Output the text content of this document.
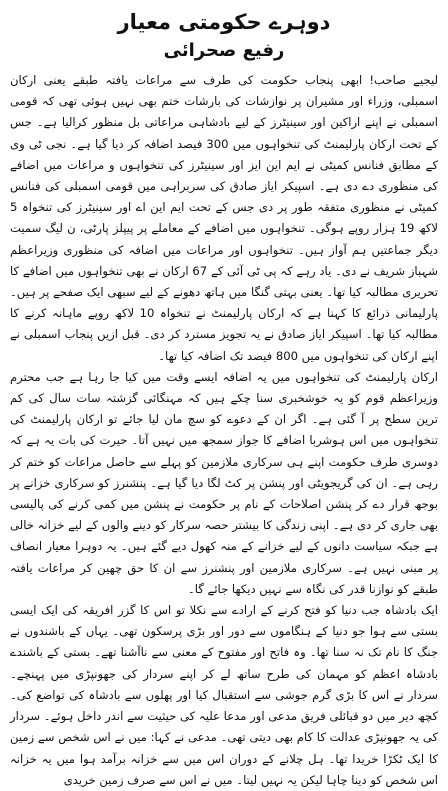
دوہرے حکومتی معیار
رفیع صحرائی

لیجیے صاحب! ابھی پنجاب حکومت کی طرف سے مراعات یافتہ طبقے یعنی ارکان اسمبلی، وزراء اور مشیران پر نوازشات کی بارشات ختم بھی نہیں ہوئی تھی کہ قومی اسمبلی نے اپنے اراکین اور سینیٹرز کے لیے بادشاہی مراعاتی بل منظور کرالیا ہے۔ جس کے تحت ارکان پارلیمنٹ کی تنخواہوں میں 300 فیصد اضافہ کر دیا گیا ہے۔ نجی ٹی وی کے مطابق فنانس کمیٹی نے ایم این ایز اور سینیٹرز کی تنخواہوں و مراعات میں اضافے کی منظوری دے دی ہے۔ اسپیکر ایاز صادق کی سربراہی میں قومی اسمبلی کی فنانس کمیٹی نے منظوری متفقہ طور پر دی جس کے تحت ایم این اے اور سینیٹرز کی تنخواہ 5 لاکھ 19 ہزار روپے ہوگی۔ تنخواہوں میں اضافے کے معاملے پر پیپلز پارٹی، ن لیگ سمیت دیگر جماعتیں ہم آواز ہیں۔ تنخواہوں اور مراعات میں اضافہ کی منظوری وزیراعظم شہباز شریف نے دی۔ یاد رہے کہ پی ٹی آئی کے 67 ارکان نے بھی تنخواہوں میں اضافے کا تحریری مطالبہ کیا تھا۔ یعنی بہتی گنگا میں ہاتھ دھونے کے لیے سبھی ایک صفحے پر ہیں۔ پارلیمانی ذرائع کا کہنا ہے کہ ارکان پارلیمنٹ نے تنخواہ 10 لاکھ روپے ماہانہ کرنے کا مطالبہ کیا تھا۔ اسپیکر ایاز صادق نے یہ تجویز مسترد کر دی۔ قبل ازیں پنجاب اسمبلی نے اپنے ارکان کی تنخواہوں میں 800 فیصد تک اضافہ کیا تھا۔

ارکان پارلیمنٹ کی تنخواہوں میں یہ اضافہ ایسے وقت میں کیا جا رہا ہے جب محترم وزیراعظم قوم کو یہ خوشخبری سنا چکے ہیں کہ مہنگائی گزشتہ سات سال کی کم ترین سطح پر آ گئی ہے۔ اگر ان کے دعوے کو سچ مان لیا جائے تو ارکان پارلیمنٹ کی تنخواہوں میں اس ہوشربا اضافے کا جواز سمجھ میں نہیں آتا۔ حیرت کی بات یہ ہے کہ دوسری طرف حکومت اپنے ہی سرکاری ملازمین کو پہلے سے حاصل مراعات کو ختم کر رہی ہے۔ ان کی گریجویٹی اور پنشن پر کٹ لگا دیا گیا ہے۔ پنشنرز کو سرکاری خزانے پر بوجھ قرار دے کر پنشن اصلاحات کے نام پر حکومت نے پنشن میں کمی کرنے کی پالیسی بھی جاری کر دی ہے۔ اپنی زندگی کا بیشتر حصہ سرکار کو دینے والوں کے لیے خزانہ خالی ہے جبکہ سیاست دانوں کے لیے خزانے کے منہ کھول دیے گئے ہیں۔ یہ دوہرا معیار انصاف پر مبنی نہیں ہے۔ سرکاری ملازمین اور پنشنرز سے ان کا حق چھین کر مراعات یافتہ طبقے کو نوازنا قدر کی نگاہ سے نہیں دیکھا جائے گا۔

ایک بادشاہ جب دنیا کو فتح کرنے کے ارادے سے نکلا تو اس کا گزر افریقہ کی ایک ایسی بستی سے ہوا جو دنیا کے ہنگاموں سے دور اور بڑی پرسکون تھی۔ یہاں کے باشندوں نے جنگ کا نام تک نہ سنا تھا۔ وہ فاتح اور مفتوح کے معنی سے ناآشنا تھے۔ بستی کے باشندے بادشاہ اعظم کو مہمان کی طرح ساتھ لے کر اپنے سردار کی جھونپڑی میں پہنچے۔ سردار نے اس کا بڑی گرم جوشی سے استقبال کیا اور پھلوں سے بادشاہ کی تواضع کی۔ کچھ دیر میں دو قبائلی فریق مدعی اور مدعا علیہ کی حیثیت سے اندر داخل ہوئے۔ سردار کی یہ جھونپڑی عدالت کا کام بھی دیتی تھی۔ مدعی نے کہا: میں نے اس شخص سے زمین کا ایک ٹکڑا خریدا تھا۔ ہل چلانے کے دوران اس میں سے خزانہ برآمد ہوا میں یہ خزانہ اس شخص کو دینا چاہا لیکن یہ نہیں لیتا۔ میں نے اس سے صرف زمین خریدی
